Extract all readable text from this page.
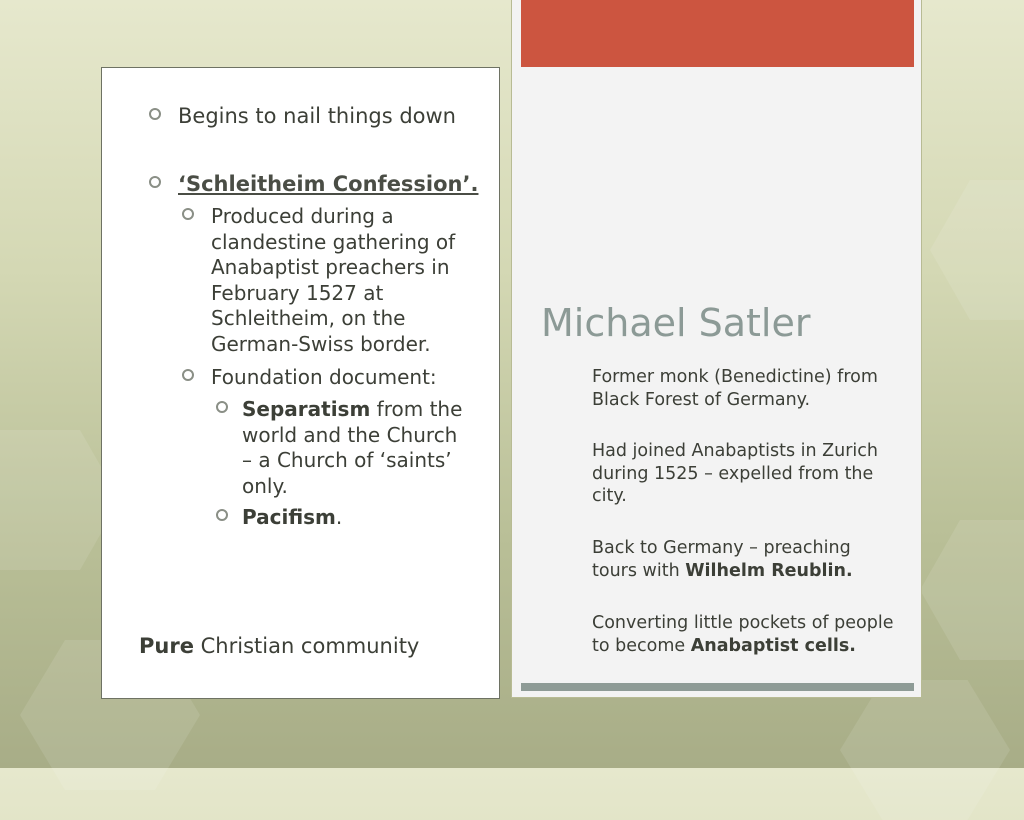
Begins to nail things down
‘Schleitheim Confession’.
Produced during a
clandestine gathering of
Anabaptist preachers in
February 1527 at
Schleitheim, on the
German-Swiss border.
Foundation document:
Separatism from the
world and the Church
– a Church of ‘saints’
only.
Pacifism.
Pure Christian community
Michael Satler
Former monk (Benedictine) from
Black Forest of Germany.
Had joined Anabaptists in Zurich
during 1525 – expelled from the
city.
Back to Germany – preaching
tours with Wilhelm Reublin.
Converting little pockets of people
to become Anabaptist cells.
